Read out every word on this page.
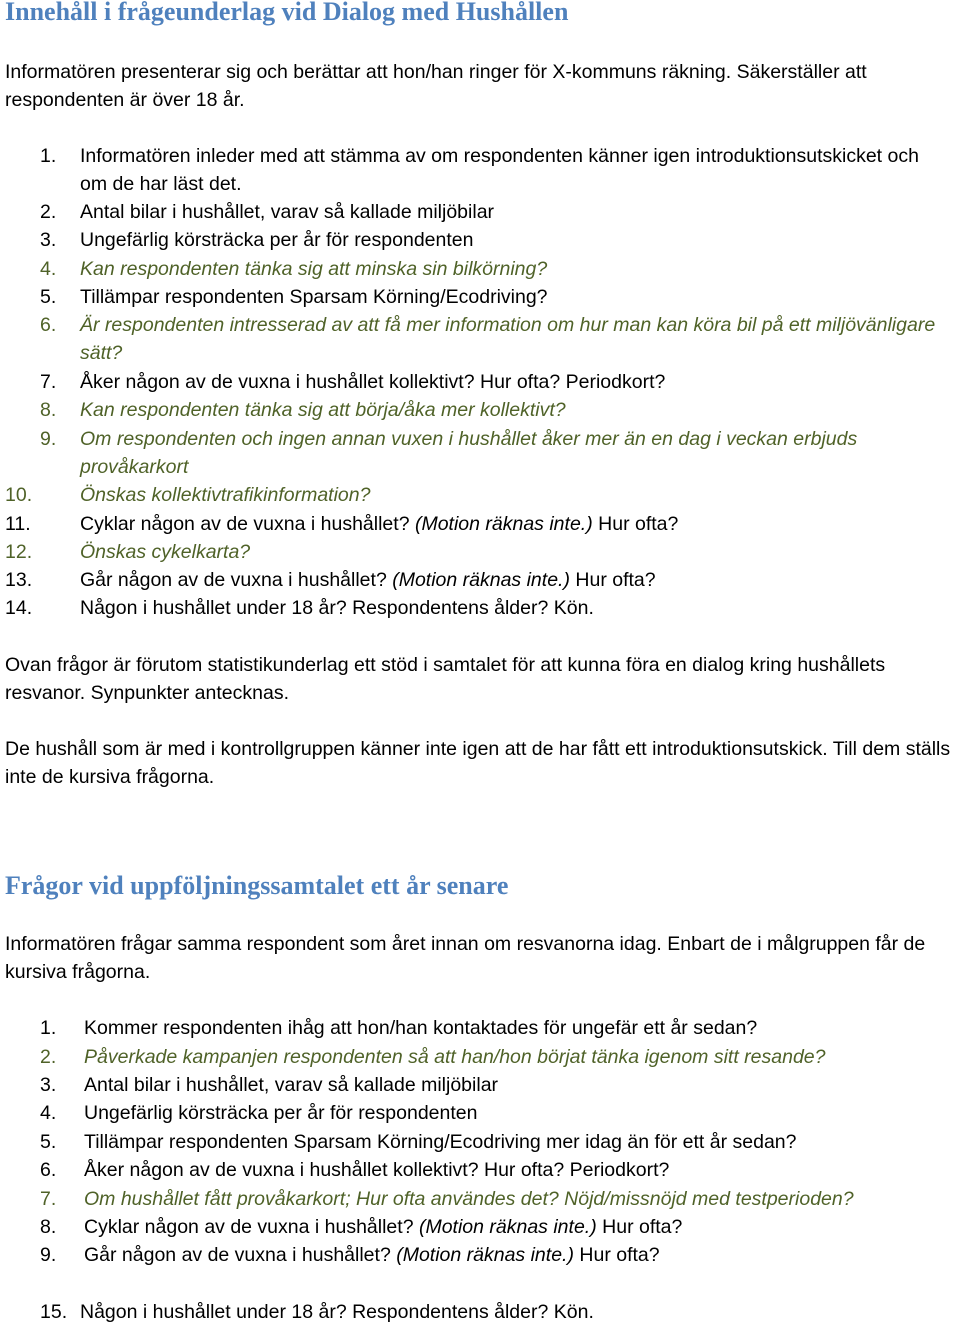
Innehåll i frågeunderlag vid Dialog med Hushållen

Informatören presenterar sig och berättar att hon/han ringer för X-kommuns räkning. Säkerställer att respondenten är över 18 år.

1.	Informatören inleder med att stämma av om respondenten känner igen introduktionsutskicket och om de har läst det.
2.	Antal bilar i hushållet, varav så kallade miljöbilar
3.	Ungefärlig körsträcka per år för respondenten
4.	Kan respondenten tänka sig att minska sin bilkörning?
5.	Tillämpar respondenten Sparsam Körning/Ecodriving?
6.	Är respondenten intresserad av att få mer information om hur man kan köra bil på ett miljövänligare sätt?
7.	Åker någon av de vuxna i hushållet kollektivt? Hur ofta? Periodkort?
8.	Kan respondenten tänka sig att börja/åka mer kollektivt?
9.	Om respondenten och ingen annan vuxen i hushållet åker mer än en dag i veckan erbjuds provåkarkort
10.	Önskas kollektivtrafikinformation?
11.	Cyklar någon av de vuxna i hushållet? (Motion räknas inte.) Hur ofta?
12.	Önskas cykelkarta?
13.	Går någon av de vuxna i hushållet? (Motion räknas inte.) Hur ofta?
14.	Någon i hushållet under 18 år? Respondentens ålder? Kön.

Ovan frågor är förutom statistikunderlag ett stöd i samtalet för att kunna föra en dialog kring hushållets resvanor. Synpunkter antecknas.

De hushåll som är med i kontrollgruppen känner inte igen att de har fått ett introduktionsutskick. Till dem ställs inte de kursiva frågorna.

Frågor vid uppföljningssamtalet ett år senare

Informatören frågar samma respondent som året innan om resvanorna idag. Enbart de i målgruppen får de kursiva frågorna.

1.	Kommer respondenten ihåg att hon/han kontaktades för ungefär ett år sedan?
2.	Påverkade kampanjen respondenten så att han/hon börjat tänka igenom sitt resande?
3.	Antal bilar i hushållet, varav så kallade miljöbilar
4.	Ungefärlig körsträcka per år för respondenten
5.	Tillämpar respondenten Sparsam Körning/Ecodriving mer idag än för ett år sedan?
6.	Åker någon av de vuxna i hushållet kollektivt? Hur ofta? Periodkort?
7.	Om hushållet fått provåkarkort; Hur ofta användes det? Nöjd/missnöjd med testperioden?
8.	Cyklar någon av de vuxna i hushållet? (Motion räknas inte.) Hur ofta?
9.	Går någon av de vuxna i hushållet? (Motion räknas inte.) Hur ofta?
15. Någon i hushållet under 18 år? Respondentens ålder? Kön.
